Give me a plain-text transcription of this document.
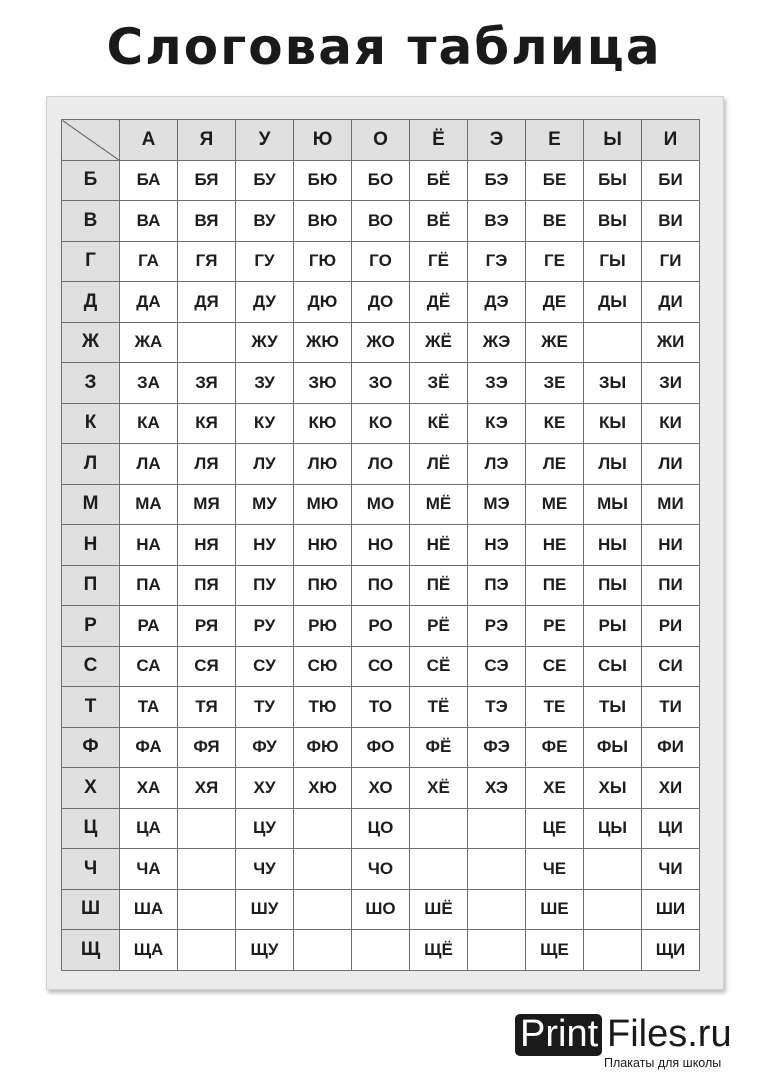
Слоговая таблица
	А	Я	У	Ю	О	Ё	Э	Е	Ы	И
Б	БА	БЯ	БУ	БЮ	БО	БЁ	БЭ	БЕ	БЫ	БИ
В	ВА	ВЯ	ВУ	ВЮ	ВО	ВЁ	ВЭ	ВЕ	ВЫ	ВИ
Г	ГА	ГЯ	ГУ	ГЮ	ГО	ГЁ	ГЭ	ГЕ	ГЫ	ГИ
Д	ДА	ДЯ	ДУ	ДЮ	ДО	ДЁ	ДЭ	ДЕ	ДЫ	ДИ
Ж	ЖА		ЖУ	ЖЮ	ЖО	ЖЁ	ЖЭ	ЖЕ		ЖИ
З	ЗА	ЗЯ	ЗУ	ЗЮ	ЗО	ЗЁ	ЗЭ	ЗЕ	ЗЫ	ЗИ
К	КА	КЯ	КУ	КЮ	КО	КЁ	КЭ	КЕ	КЫ	КИ
Л	ЛА	ЛЯ	ЛУ	ЛЮ	ЛО	ЛЁ	ЛЭ	ЛЕ	ЛЫ	ЛИ
М	МА	МЯ	МУ	МЮ	МО	МЁ	МЭ	МЕ	МЫ	МИ
Н	НА	НЯ	НУ	НЮ	НО	НЁ	НЭ	НЕ	НЫ	НИ
П	ПА	ПЯ	ПУ	ПЮ	ПО	ПЁ	ПЭ	ПЕ	ПЫ	ПИ
Р	РА	РЯ	РУ	РЮ	РО	РЁ	РЭ	РЕ	РЫ	РИ
С	СА	СЯ	СУ	СЮ	СО	СЁ	СЭ	СЕ	СЫ	СИ
Т	ТА	ТЯ	ТУ	ТЮ	ТО	ТЁ	ТЭ	ТЕ	ТЫ	ТИ
Ф	ФА	ФЯ	ФУ	ФЮ	ФО	ФЁ	ФЭ	ФЕ	ФЫ	ФИ
Х	ХА	ХЯ	ХУ	ХЮ	ХО	ХЁ	ХЭ	ХЕ	ХЫ	ХИ
Ц	ЦА		ЦУ		ЦО			ЦЕ	ЦЫ	ЦИ
Ч	ЧА		ЧУ		ЧО			ЧЕ		ЧИ
Ш	ША		ШУ		ШО	ШЁ		ШЕ		ШИ
Щ	ЩА		ЩУ			ЩЁ		ЩЕ		ЩИ
Print Files.ru
Плакаты для школы
